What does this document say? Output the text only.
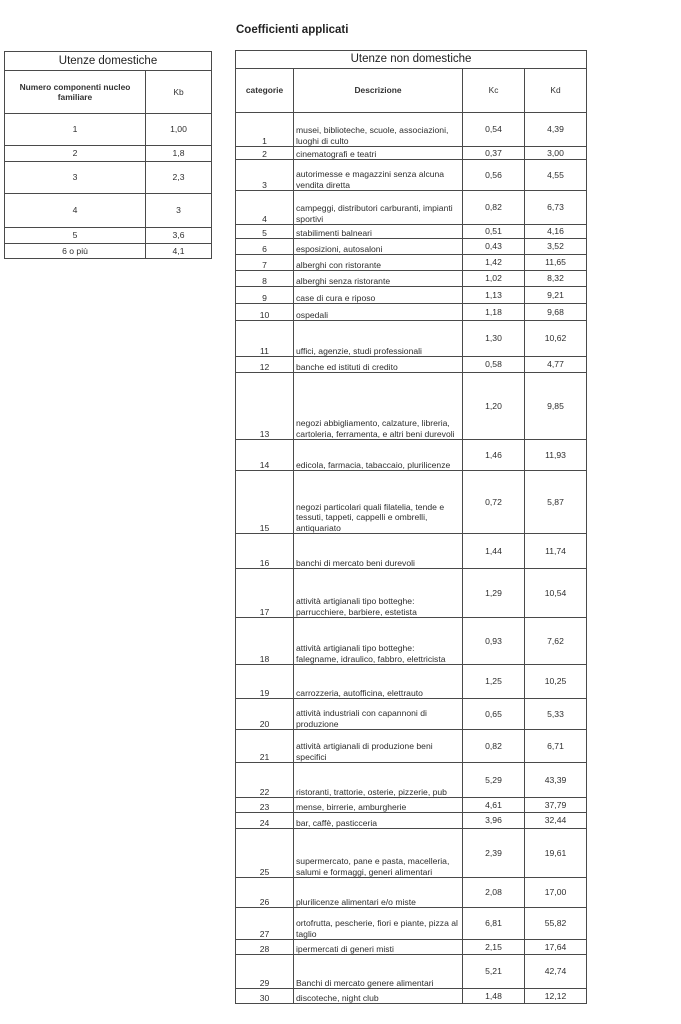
Coefficienti applicati
Utenze domestiche	
Numero componenti nucleo familiare	Kb
1	1,00
2	1,8
3	2,3
4	3
5	3,6
6 o più	4,1
Utenze non domestiche			
categorie	Descrizione	Kc	Kd
1	musei, biblioteche, scuole, associazioni, luoghi di culto	0,54	4,39
2	cinematografi e teatri	0,37	3,00
3	autorimesse e magazzini senza alcuna vendita diretta	0,56	4,55
4	campeggi, distributori carburanti, impianti sportivi	0,82	6,73
5	stabilimenti balneari	0,51	4,16
6	esposizioni, autosaloni	0,43	3,52
7	alberghi con ristorante	1,42	11,65
8	alberghi senza ristorante	1,02	8,32
9	case di cura e riposo	1,13	9,21
10	ospedali	1,18	9,68
11	uffici, agenzie, studi professionali	1,30	10,62
12	banche ed istituti di credito	0,58	4,77
13	negozi abbigliamento, calzature, libreria, cartoleria, ferramenta, e altri beni durevoli	1,20	9,85
14	edicola, farmacia, tabaccaio, plurilicenze	1,46	11,93
15	negozi particolari quali filatelia, tende e tessuti, tappeti, cappelli e ombrelli, antiquariato	0,72	5,87
16	banchi di mercato beni durevoli	1,44	11,74
17	attività artigianali tipo botteghe: parrucchiere, barbiere, estetista	1,29	10,54
18	attività artigianali tipo botteghe: falegname, idraulico, fabbro, elettricista	0,93	7,62
19	carrozzeria, autofficina, elettrauto	1,25	10,25
20	attività industriali con capannoni di produzione	0,65	5,33
21	attività artigianali di produzione beni specifici	0,82	6,71
22	ristoranti, trattorie, osterie, pizzerie, pub	5,29	43,39
23	mense, birrerie, amburgherie	4,61	37,79
24	bar, caffè, pasticceria	3,96	32,44
25	supermercato, pane e pasta, macelleria, salumi e formaggi, generi alimentari	2,39	19,61
26	plurilicenze alimentari e/o miste	2,08	17,00
27	ortofrutta, pescherie, fiori e piante, pizza al taglio	6,81	55,82
28	ipermercati di generi misti	2,15	17,64
29	Banchi di mercato genere alimentari	5,21	42,74
30	discoteche, night club	1,48	12,12
